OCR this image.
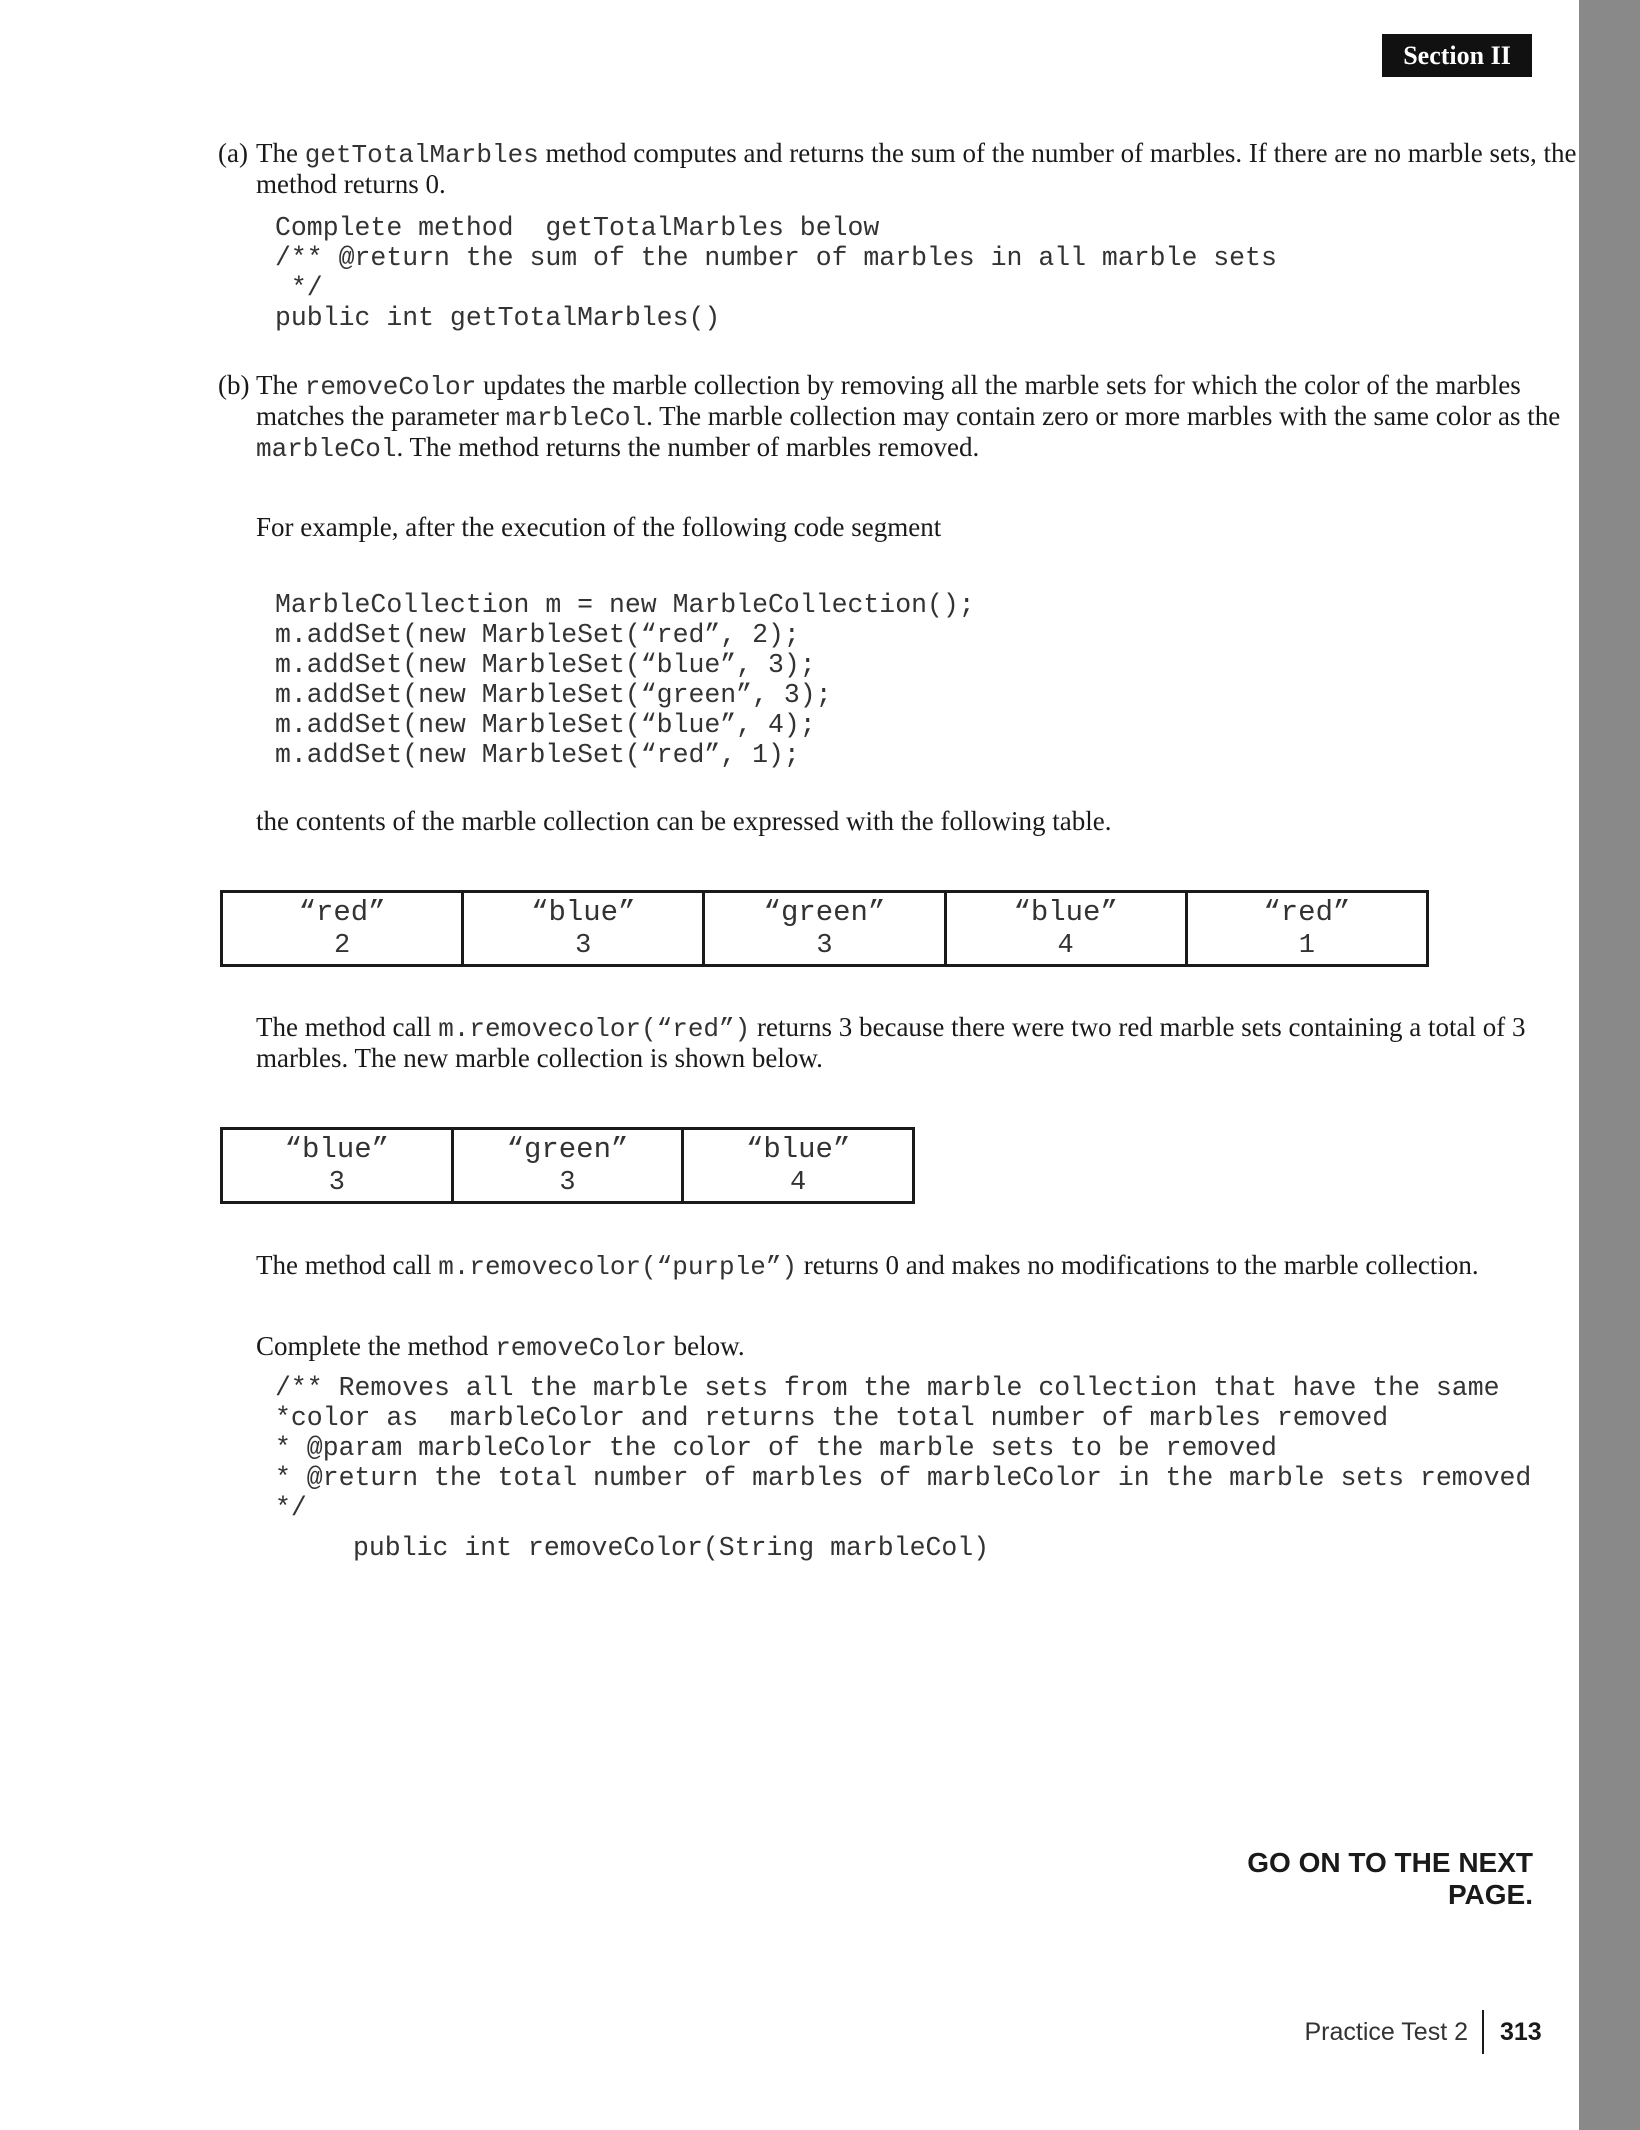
Section II
(a) The getTotalMarbles method computes and returns the sum of the number of marbles. If there are no marble sets, the
method returns 0.
Complete method  getTotalMarbles below
/** @return the sum of the number of marbles in all marble sets
*/
public int getTotalMarbles()
(b) The removeColor updates the marble collection by removing all the marble sets for which the color of the marbles
matches the parameter marbleCol. The marble collection may contain zero or more marbles with the same color as the
marbleCol. The method returns the number of marbles removed.
For example, after the execution of the following code segment
MarbleCollection m = new MarbleCollection();
m.addSet(new MarbleSet(“red”, 2);
m.addSet(new MarbleSet(“blue”, 3);
m.addSet(new MarbleSet(“green”, 3);
m.addSet(new MarbleSet(“blue”, 4);
m.addSet(new MarbleSet(“red”, 1);
the contents of the marble collection can be expressed with the following table.
“red”
2

“blue”
3

“green”
3

“blue”
4

“red”
1
The method call m.removecolor(“red”) returns 3 because there were two red marble sets containing a total of 3
marbles. The new marble collection is shown below.
“blue”
3

“green”
3

“blue”
4
The method call m.removecolor(“purple”) returns 0 and makes no modifications to the marble collection.
Complete the method removeColor below.
/** Removes all the marble sets from the marble collection that have the same
*color as  marbleColor and returns the total number of marbles removed
* @param marbleColor the color of the marble sets to be removed
* @return the total number of marbles of marbleColor in the marble sets removed
*/
public int removeColor(String marbleCol)
GO ON TO THE NEXT PAGE.
Practice Test 2 313
